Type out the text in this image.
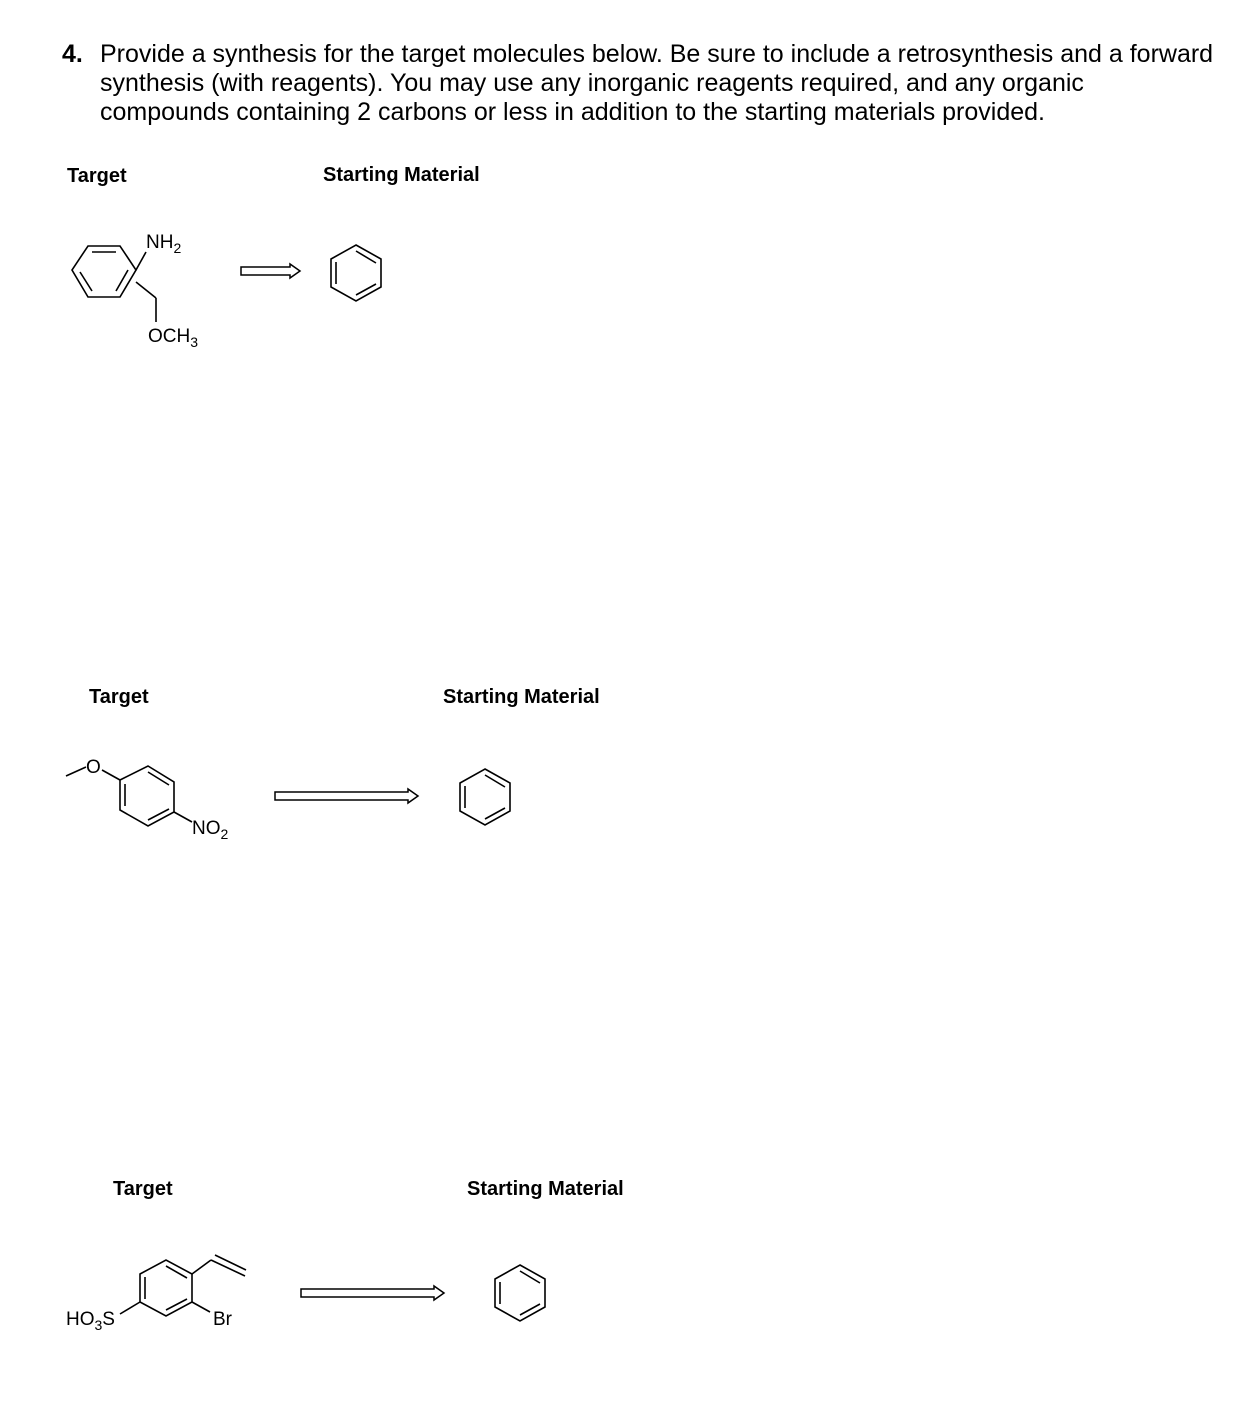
4. Provide a synthesis for the target molecules below. Be sure to include a retrosynthesis and a forward synthesis (with reagents). You may use any inorganic reagents required, and any organic compounds containing 2 carbons or less in addition to the starting materials provided.
Target	Starting Material
$NH_2$
$OCH_3$
Target	Starting Material
O
$NO_2$
Target	Starting Material
Br
$HO_3S$
